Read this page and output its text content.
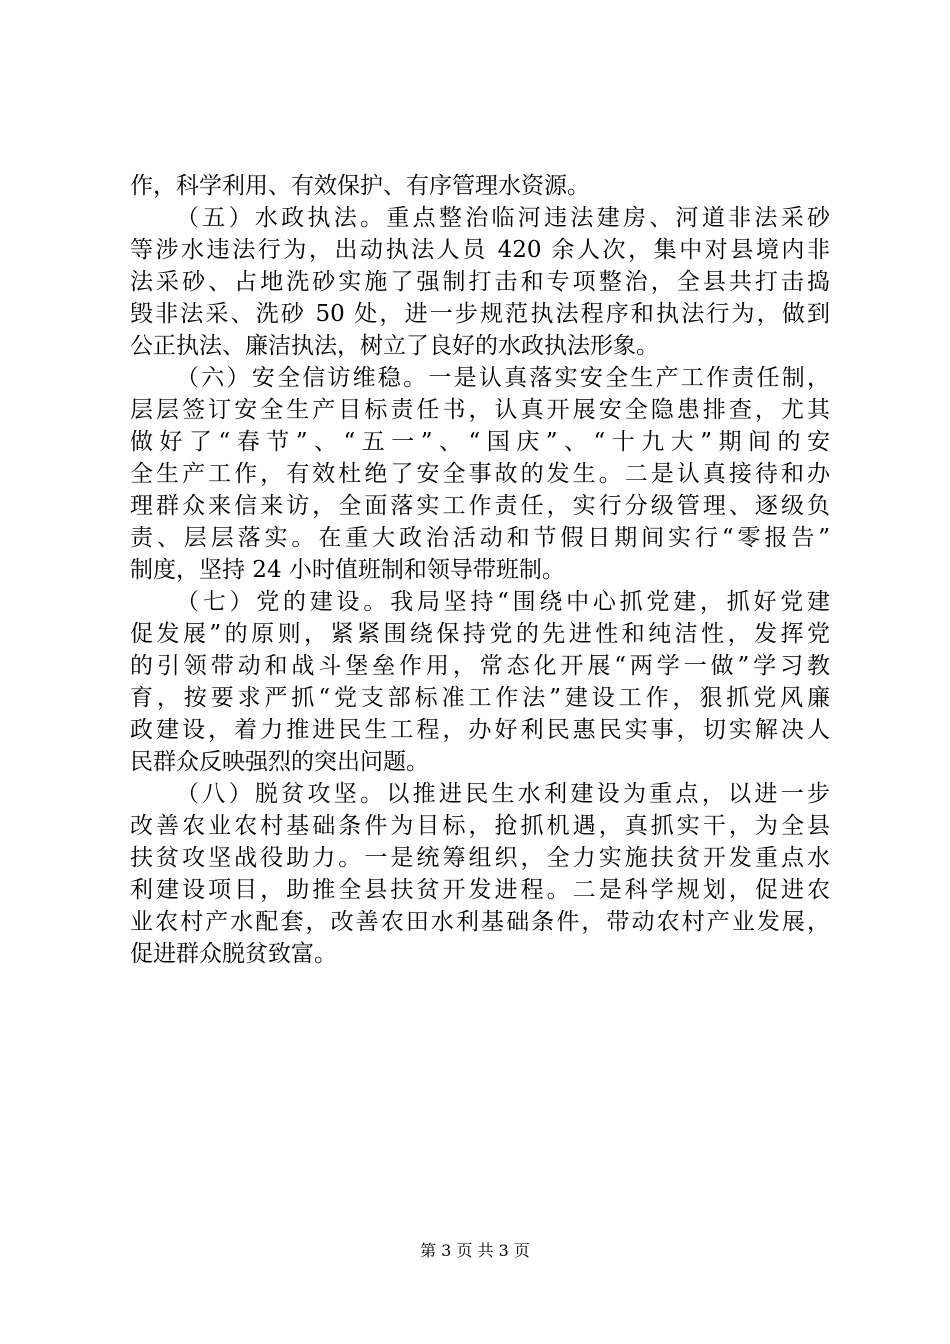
作，科学利用、有效保护、有序管理水资源。
（五）水政执法。重点整治临河违法建房、河道非法采砂
等涉水违法行为，出动执法人员 420 余人次，集中对县境内非
法采砂、占地洗砂实施了强制打击和专项整治，全县共打击捣
毁非法采、洗砂 50 处，进一步规范执法程序和执法行为，做到
公正执法、廉洁执法，树立了良好的水政执法形象。
（六）安全信访维稳。一是认真落实安全生产工作责任制，
层层签订安全生产目标责任书，认真开展安全隐患排查，尤其
做好了“春节”、“五一”、“国庆”、“十九大”期间的安
全生产工作，有效杜绝了安全事故的发生。二是认真接待和办
理群众来信来访，全面落实工作责任，实行分级管理、逐级负
责、层层落实。在重大政治活动和节假日期间实行“零报告”
制度，坚持 24 小时值班制和领导带班制。
（七）党的建设。我局坚持“围绕中心抓党建，抓好党建
促发展”的原则，紧紧围绕保持党的先进性和纯洁性，发挥党
的引领带动和战斗堡垒作用，常态化开展“两学一做”学习教
育，按要求严抓“党支部标准工作法”建设工作，狠抓党风廉
政建设，着力推进民生工程，办好利民惠民实事，切实解决人
民群众反映强烈的突出问题。
（八）脱贫攻坚。以推进民生水利建设为重点，以进一步
改善农业农村基础条件为目标，抢抓机遇，真抓实干，为全县
扶贫攻坚战役助力。一是统筹组织，全力实施扶贫开发重点水
利建设项目，助推全县扶贫开发进程。二是科学规划，促进农
业农村产水配套，改善农田水利基础条件，带动农村产业发展，
促进群众脱贫致富。
第 3 页 共 3 页
